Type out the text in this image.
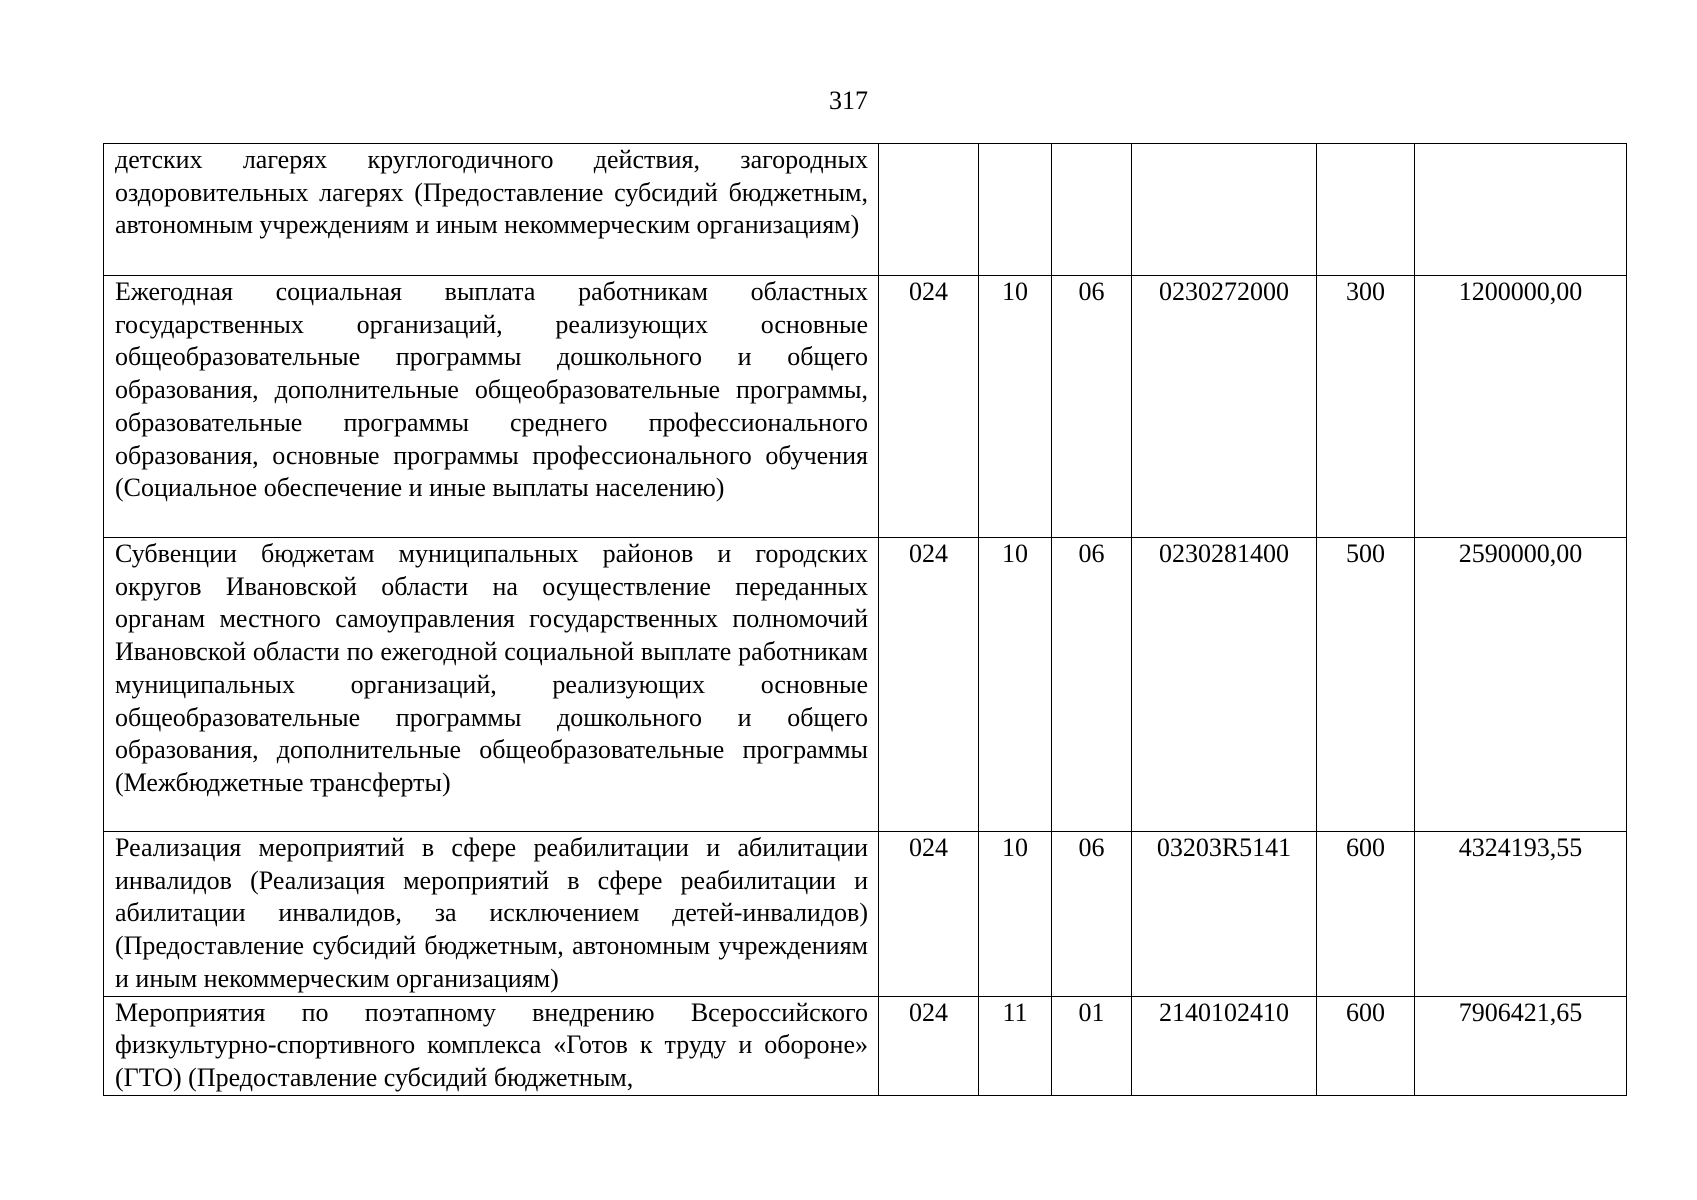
317
детских лагерях круглогодичного действия, загородных оздоровительных лагерях (Предоставление субсидий бюджетным, автономным учреждениям и иным некоммерческим организациям)						

Ежегодная социальная выплата работникам областных государственных организаций, реализующих основные общеобразовательные программы дошкольного и общего образования, дополнительные общеобразовательные программы, образовательные программы среднего профессионального образования, основные программы профессионального обучения (Социальное обеспечение и иные выплаты населению)	024	10	06	0230272000	300	1200000,00

Субвенции бюджетам муниципальных районов и городских округов Ивановской области на осуществление переданных органам местного самоуправления государственных полномочий Ивановской области по ежегодной социальной выплате работникам муниципальных организаций, реализующих основные общеобразовательные программы дошкольного и общего образования, дополнительные общеобразовательные программы (Межбюджетные трансферты)	024	10	06	0230281400	500	2590000,00

Реализация мероприятий в сфере реабилитации и абилитации инвалидов (Реализация мероприятий в сфере реабилитации и абилитации инвалидов, за исключением детей-инвалидов) (Предоставление субсидий бюджетным, автономным учреждениям и иным некоммерческим организациям)	024	10	06	03203R5141	600	4324193,55

Мероприятия по поэтапному внедрению Всероссийского физкультурно-спортивного комплекса «Готов к труду и обороне» (ГТО) (Предоставление субсидий бюджетным,	024	11	01	2140102410	600	7906421,65
